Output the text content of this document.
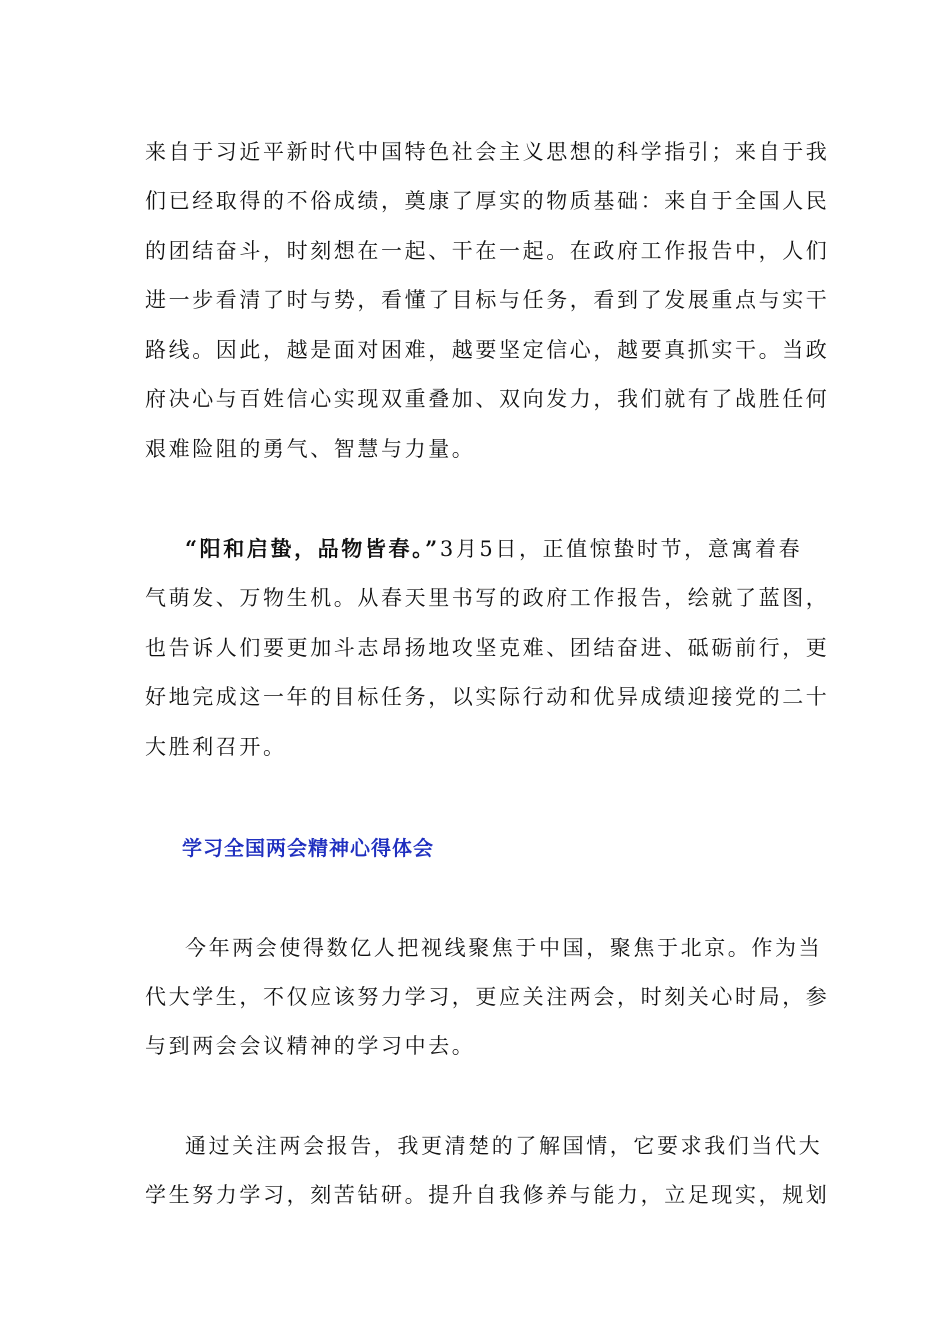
来自于习近平新时代中国特色社会主义思想的科学指引；来自于我
们已经取得的不俗成绩，奠康了厚实的物质基础：来自于全国人民
的团结奋斗，时刻想在一起、干在一起。在政府工作报告中，人们
进一步看清了时与势，看懂了目标与任务，看到了发展重点与实干
路线。因此，越是面对困难，越要坚定信心，越要真抓实干。当政
府决心与百姓信心实现双重叠加、双向发力，我们就有了战胜任何
艰难险阻的勇气、智慧与力量。
“阳和启蛰，品物皆春。”3月5日，正值惊蛰时节，意寓着春
气萌发、万物生机。从春天里书写的政府工作报告，绘就了蓝图，
也告诉人们要更加斗志昂扬地攻坚克难、团结奋进、砥砺前行，更
好地完成这一年的目标任务，以实际行动和优异成绩迎接党的二十
大胜利召开。
学习全国两会精神心得体会
今年两会使得数亿人把视线聚焦于中国，聚焦于北京。作为当
代大学生，不仅应该努力学习，更应关注两会，时刻关心时局，参
与到两会会议精神的学习中去。
通过关注两会报告，我更清楚的了解国情，它要求我们当代大
学生努力学习，刻苦钻研。提升自我修养与能力，立足现实，规划
